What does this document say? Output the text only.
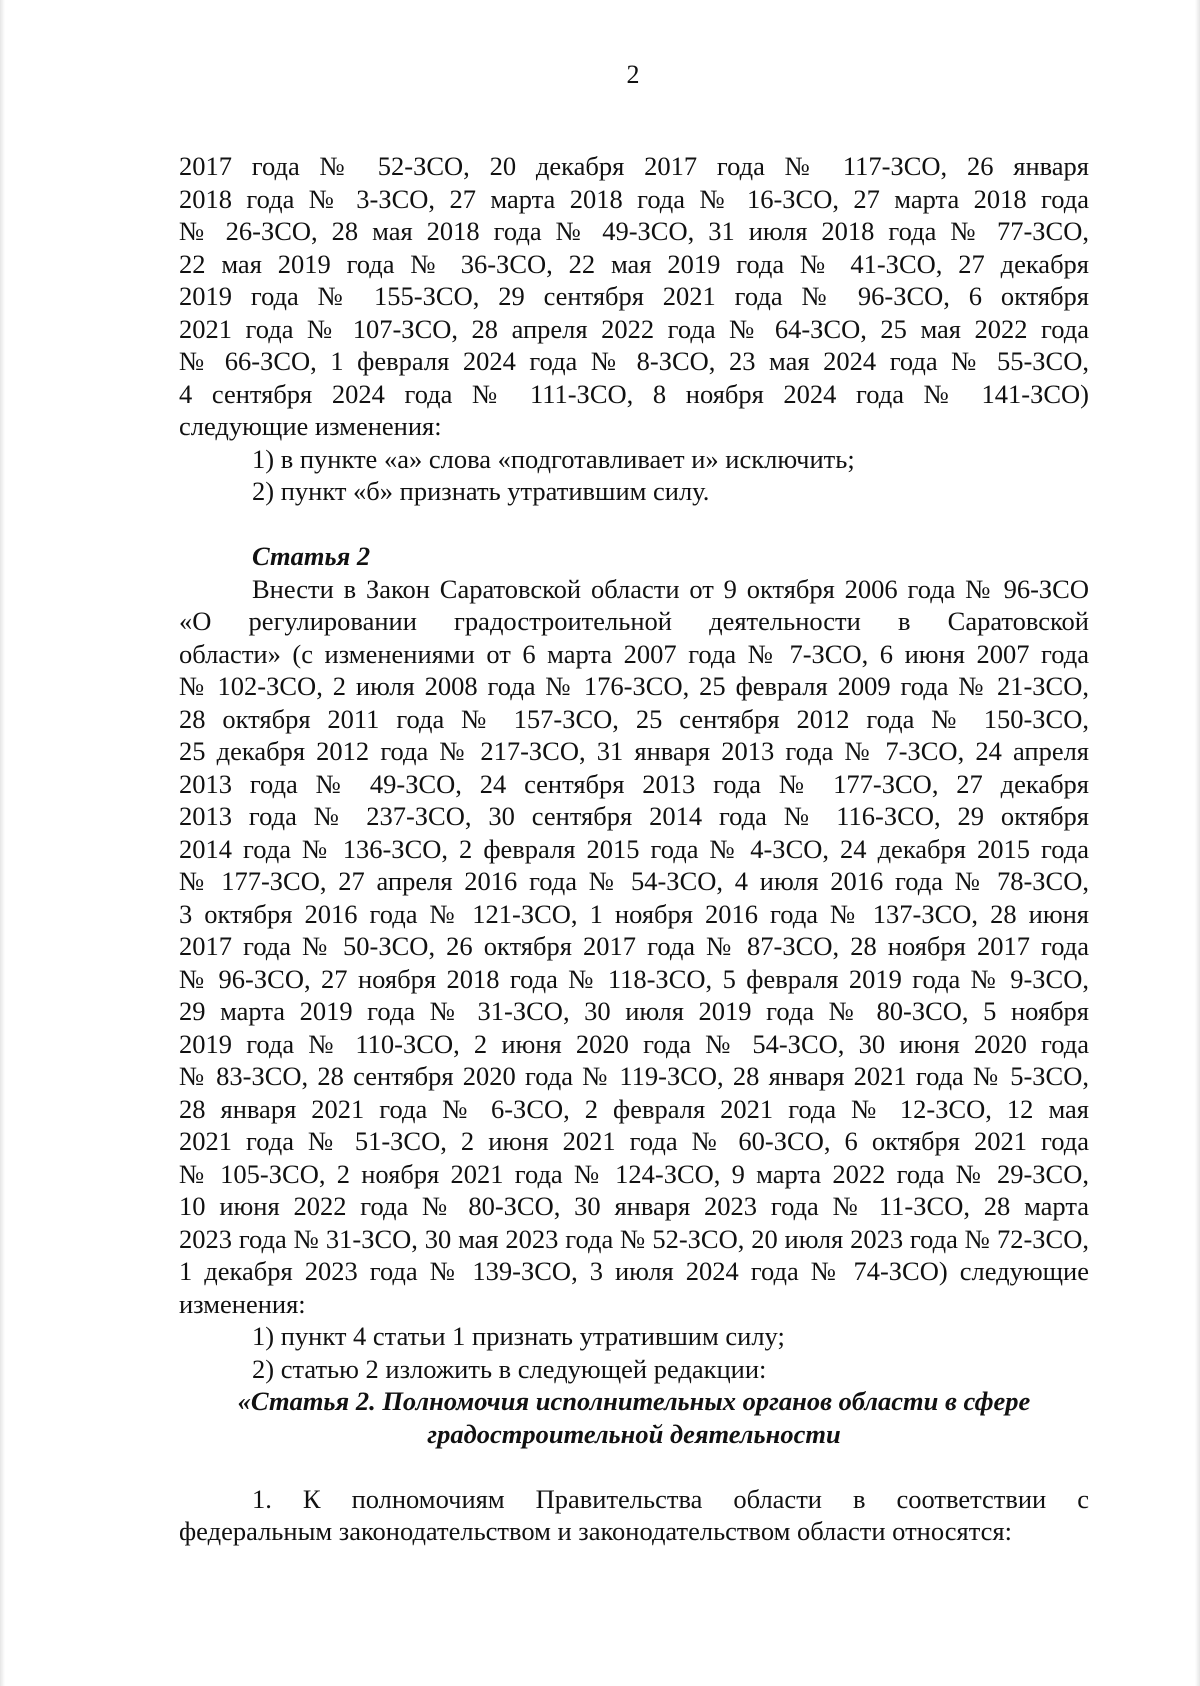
2
2017 года № 52-ЗСО, 20 декабря 2017 года № 117-ЗСО, 26 января
2018 года № 3-ЗСО, 27 марта 2018 года № 16-ЗСО, 27 марта 2018 года
№ 26-ЗСО, 28 мая 2018 года № 49-ЗСО, 31 июля 2018 года № 77-ЗСО,
22 мая 2019 года № 36-ЗСО, 22 мая 2019 года № 41-ЗСО, 27 декабря
2019 года № 155-ЗСО, 29 сентября 2021 года № 96-ЗСО, 6 октября
2021 года № 107-ЗСО, 28 апреля 2022 года № 64-ЗСО, 25 мая 2022 года
№ 66-ЗСО, 1 февраля 2024 года № 8-ЗСО, 23 мая 2024 года № 55-ЗСО,
4 сентября 2024 года № 111-ЗСО, 8 ноября 2024 года № 141-ЗСО)
следующие изменения:
1) в пункте «а» слова «подготавливает и» исключить;
2) пункт «б» признать утратившим силу.
Статья 2
Внести в Закон Саратовской области от 9 октября 2006 года № 96-ЗСО
«О регулировании градостроительной деятельности в Саратовской
области» (с изменениями от 6 марта 2007 года № 7-ЗСО, 6 июня 2007 года
№ 102-ЗСО, 2 июля 2008 года № 176-ЗСО, 25 февраля 2009 года № 21-ЗСО,
28 октября 2011 года № 157-ЗСО, 25 сентября 2012 года № 150-ЗСО,
25 декабря 2012 года № 217-ЗСО, 31 января 2013 года № 7-ЗСО, 24 апреля
2013 года № 49-ЗСО, 24 сентября 2013 года № 177-ЗСО, 27 декабря
2013 года № 237-ЗСО, 30 сентября 2014 года № 116-ЗСО, 29 октября
2014 года № 136-ЗСО, 2 февраля 2015 года № 4-ЗСО, 24 декабря 2015 года
№ 177-ЗСО, 27 апреля 2016 года № 54-ЗСО, 4 июля 2016 года № 78-ЗСО,
3 октября 2016 года № 121-ЗСО, 1 ноября 2016 года № 137-ЗСО, 28 июня
2017 года № 50-ЗСО, 26 октября 2017 года № 87-ЗСО, 28 ноября 2017 года
№ 96-ЗСО, 27 ноября 2018 года № 118-ЗСО, 5 февраля 2019 года № 9-ЗСО,
29 марта 2019 года № 31-ЗСО, 30 июля 2019 года № 80-ЗСО, 5 ноября
2019 года № 110-ЗСО, 2 июня 2020 года № 54-ЗСО, 30 июня 2020 года
№ 83-ЗСО, 28 сентября 2020 года № 119-ЗСО, 28 января 2021 года № 5-ЗСО,
28 января 2021 года № 6-ЗСО, 2 февраля 2021 года № 12-ЗСО, 12 мая
2021 года № 51-ЗСО, 2 июня 2021 года № 60-ЗСО, 6 октября 2021 года
№ 105-ЗСО, 2 ноября 2021 года № 124-ЗСО, 9 марта 2022 года № 29-ЗСО,
10 июня 2022 года № 80-ЗСО, 30 января 2023 года № 11-ЗСО, 28 марта
2023 года № 31-ЗСО, 30 мая 2023 года № 52-ЗСО, 20 июля 2023 года № 72-ЗСО,
1 декабря 2023 года № 139-ЗСО, 3 июля 2024 года № 74-ЗСО) следующие
изменения:
1) пункт 4 статьи 1 признать утратившим силу;
2) статью 2 изложить в следующей редакции:
«Статья 2. Полномочия исполнительных органов области в сфере
градостроительной деятельности
1. К полномочиям Правительства области в соответствии с
федеральным законодательством и законодательством области относятся:
